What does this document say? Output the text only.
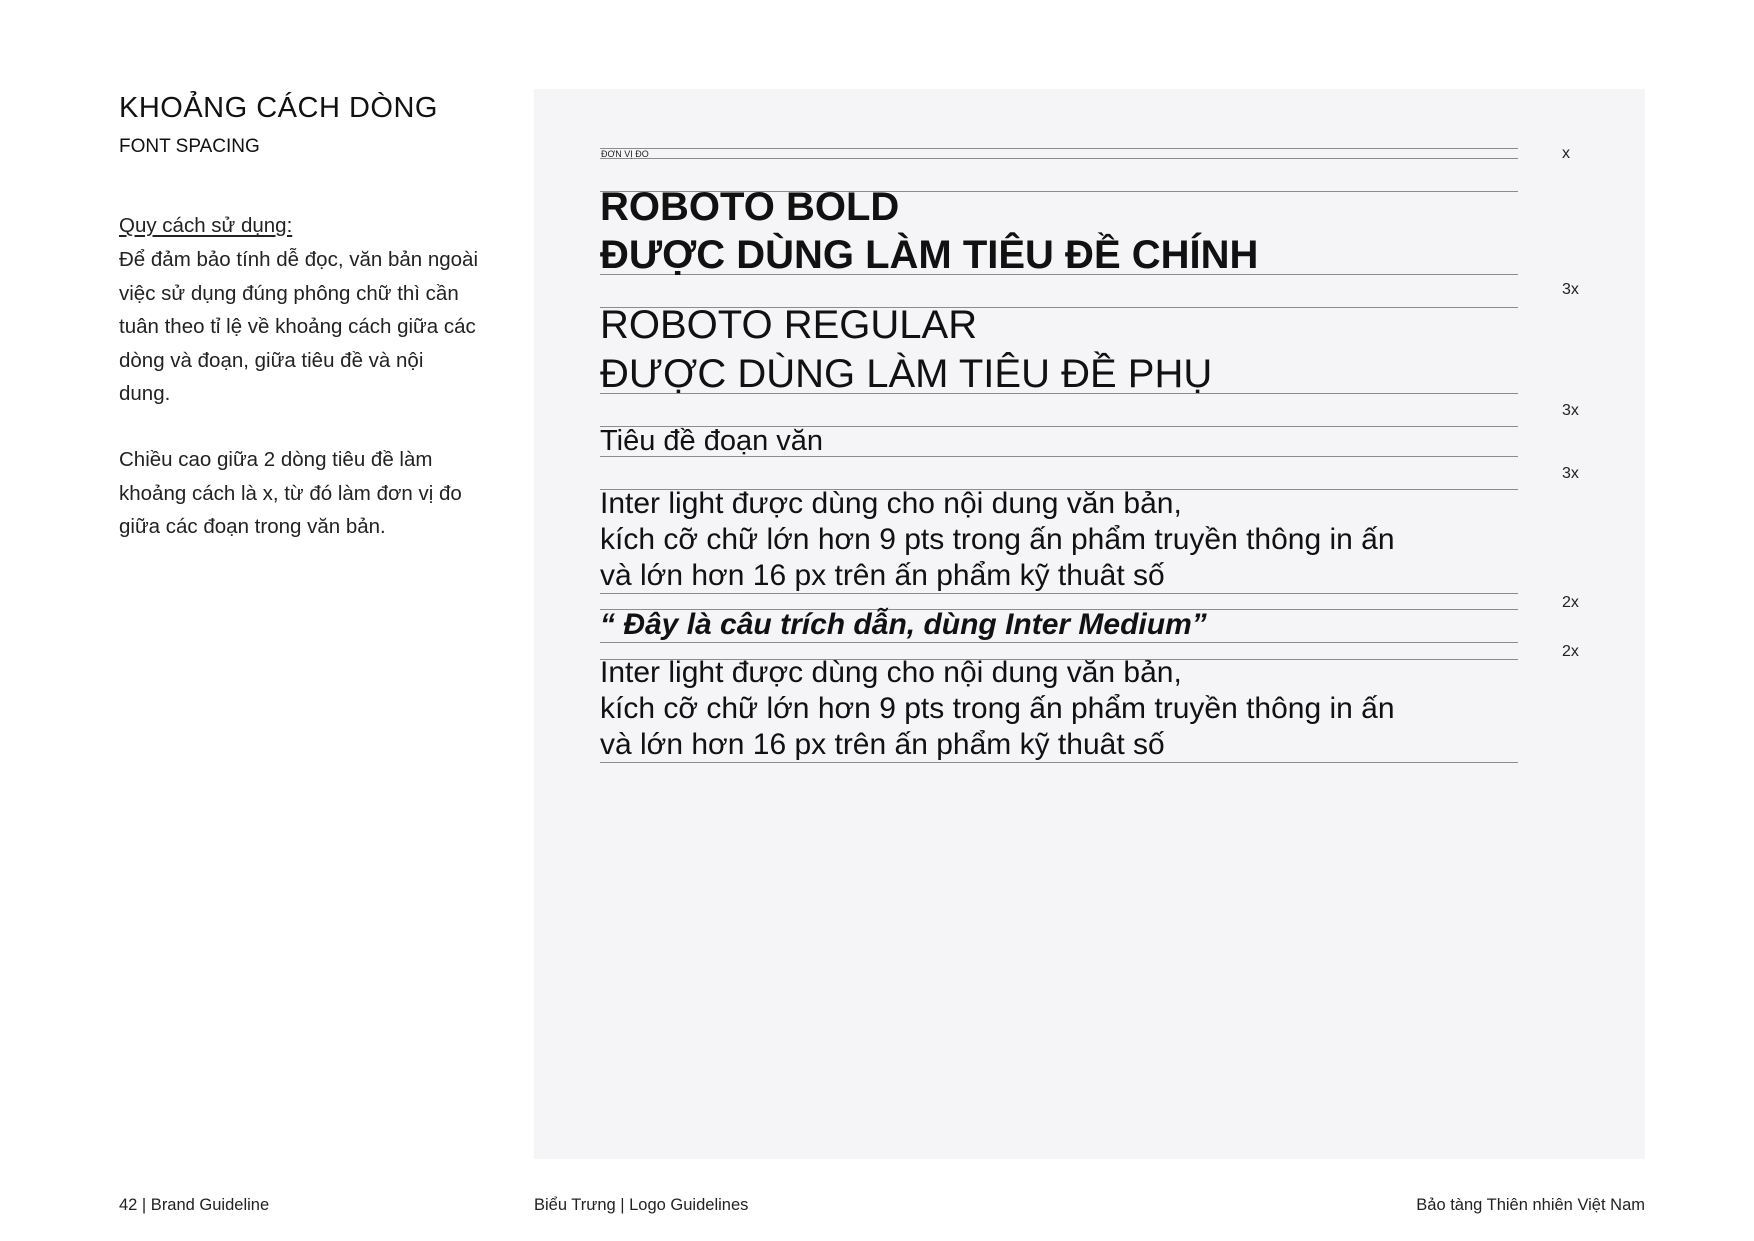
KHOẢNG CÁCH DÒNG
FONT SPACING
Quy cách sử dụng:
Để đảm bảo tính dễ đọc, văn bản ngoài việc sử dụng đúng phông chữ thì cần tuân theo tỉ lệ về khoảng cách giữa các dòng và đoạn, giữa tiêu đề và nội dung.
Chiều cao giữa 2 dòng tiêu đề làm khoảng cách là x, từ đó làm đơn vị đo giữa các đoạn trong văn bản.
ĐƠN VỊ ĐO
ROBOTO BOLD
ĐƯỢC DÙNG LÀM TIÊU ĐỀ CHÍNH
ROBOTO REGULAR
ĐƯỢC DÙNG LÀM TIÊU ĐỀ PHỤ
Tiêu đề đoạn văn
Inter light được dùng cho nội dung văn bản,
kích cỡ chữ lớn hơn 9 pts trong ấn phẩm truyền thông in ấn
và lớn hơn 16 px trên ấn phẩm kỹ thuât số
“ Đây là câu trích dẫn, dùng Inter Medium”
Inter light được dùng cho nội dung văn bản,
kích cỡ chữ lớn hơn 9 pts trong ấn phẩm truyền thông in ấn
và lớn hơn 16 px trên ấn phẩm kỹ thuât số
x
3x
3x
3x
2x
2x
42 | Brand Guideline	Biểu Trưng | Logo Guidelines	Bảo tàng Thiên nhiên Việt Nam
